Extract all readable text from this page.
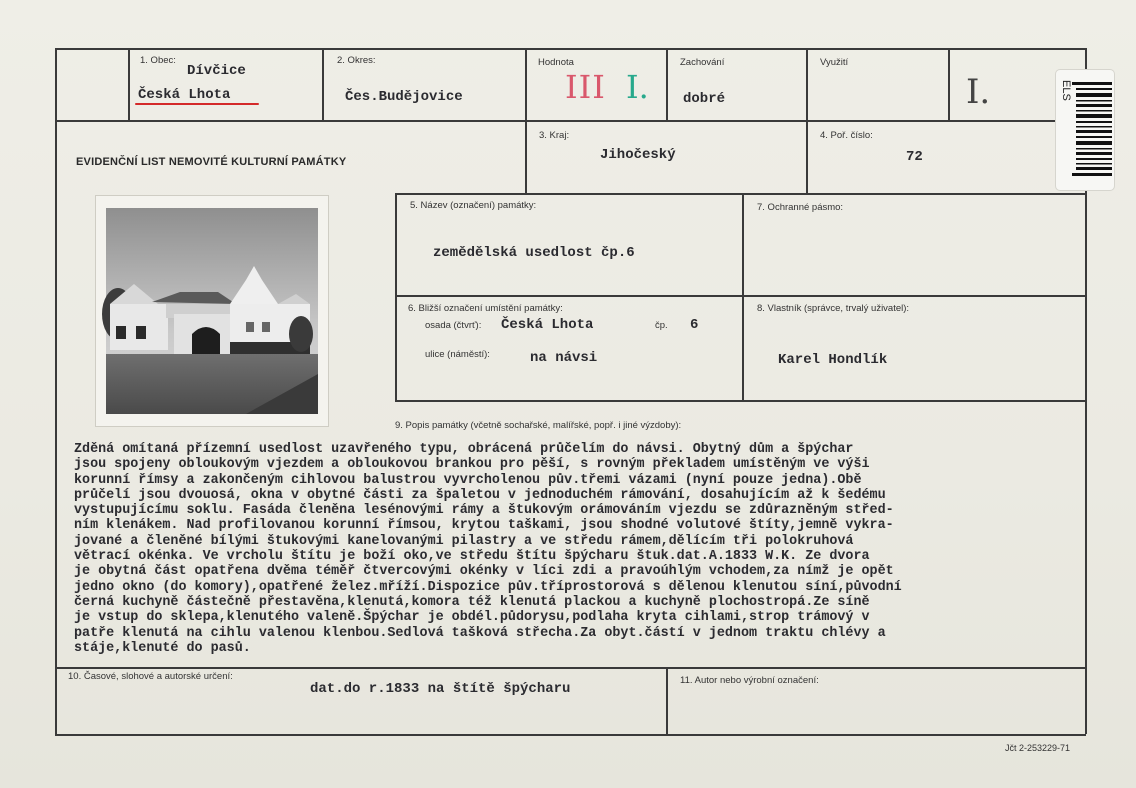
1. Obec:
Dívčice
Česká Lhota
2. Okres:
Čes.Budějovice
Hodnota
III I.
Zachování
dobré
Využití
I.
EVIDENČNÍ LIST NEMOVITÉ KULTURNÍ PAMÁTKY
3. Kraj:
Jihočeský
4. Poř. číslo:
72
5. Název (označení) památky:
zemědělská usedlost čp.6
7. Ochranné pásmo:
6. Bližší označení umístění památky:
osada (čtvrť): Česká Lhota	čp. 6
ulice (náměstí):	na návsi
8. Vlastník (správce, trvalý uživatel):
Karel Hondlík
9. Popis památky (včetně sochařské, malířské, popř. i jiné výzdoby):
Zděná omítaná přízemní usedlost uzavřeného typu, obrácená průčelím do návsi. Obytný dům a špýchar
jsou spojeny obloukovým vjezdem a obloukovou brankou pro pěší, s rovným překladem umístěným ve výši
korunní římsy a zakončeným cihlovou balustrou vyvrcholenou pův.třemi vázami (nyní pouze jedna).Obě
průčelí jsou dvouosá, okna v obytné části za špaletou v jednoduchém rámování, dosahujícím až k šedému
vystupujícímu soklu. Fasáda členěna lesénovými rámy a štukovým orámováním vjezdu se zdůrazněným střed-
ním klenákem. Nad profilovanou korunní římsou, krytou taškami, jsou shodné volutové štíty,jemně vykra-
jované a členěné bílými štukovými kanelovanými pilastry a ve středu rámem,dělícím tři polokruhová
větrací okénka. Ve vrcholu štítu je boží oko,ve středu štítu špýcharu štuk.dat.A.1833 W.K. Ze dvora
je obytná část opatřena dvěma téměř čtvercovými okénky v líci zdi a pravoúhlým vchodem,za nímž je opět
jedno okno (do komory),opatřené želez.mříží.Dispozice pův.tříprostorová s dělenou klenutou síní,původní
černá kuchyně částečně přestavěna,klenutá,komora též klenutá plackou a kuchyně plochostropá.Ze síně
je vstup do sklepa,klenutého valeně.Špýchar je obdél.půdorysu,podlaha kryta cihlami,strop trámový v
patře klenutá na cihlu valenou klenbou.Sedlová tašková střecha.Za obyt.částí v jednom traktu chlévy a
stáje,klenuté do pasů.
10. Časové, slohové a autorské určení:
dat.do r.1833 na štítě špýcharu
11. Autor nebo výrobní označení:
Jčt 2-253229-71
ELS
